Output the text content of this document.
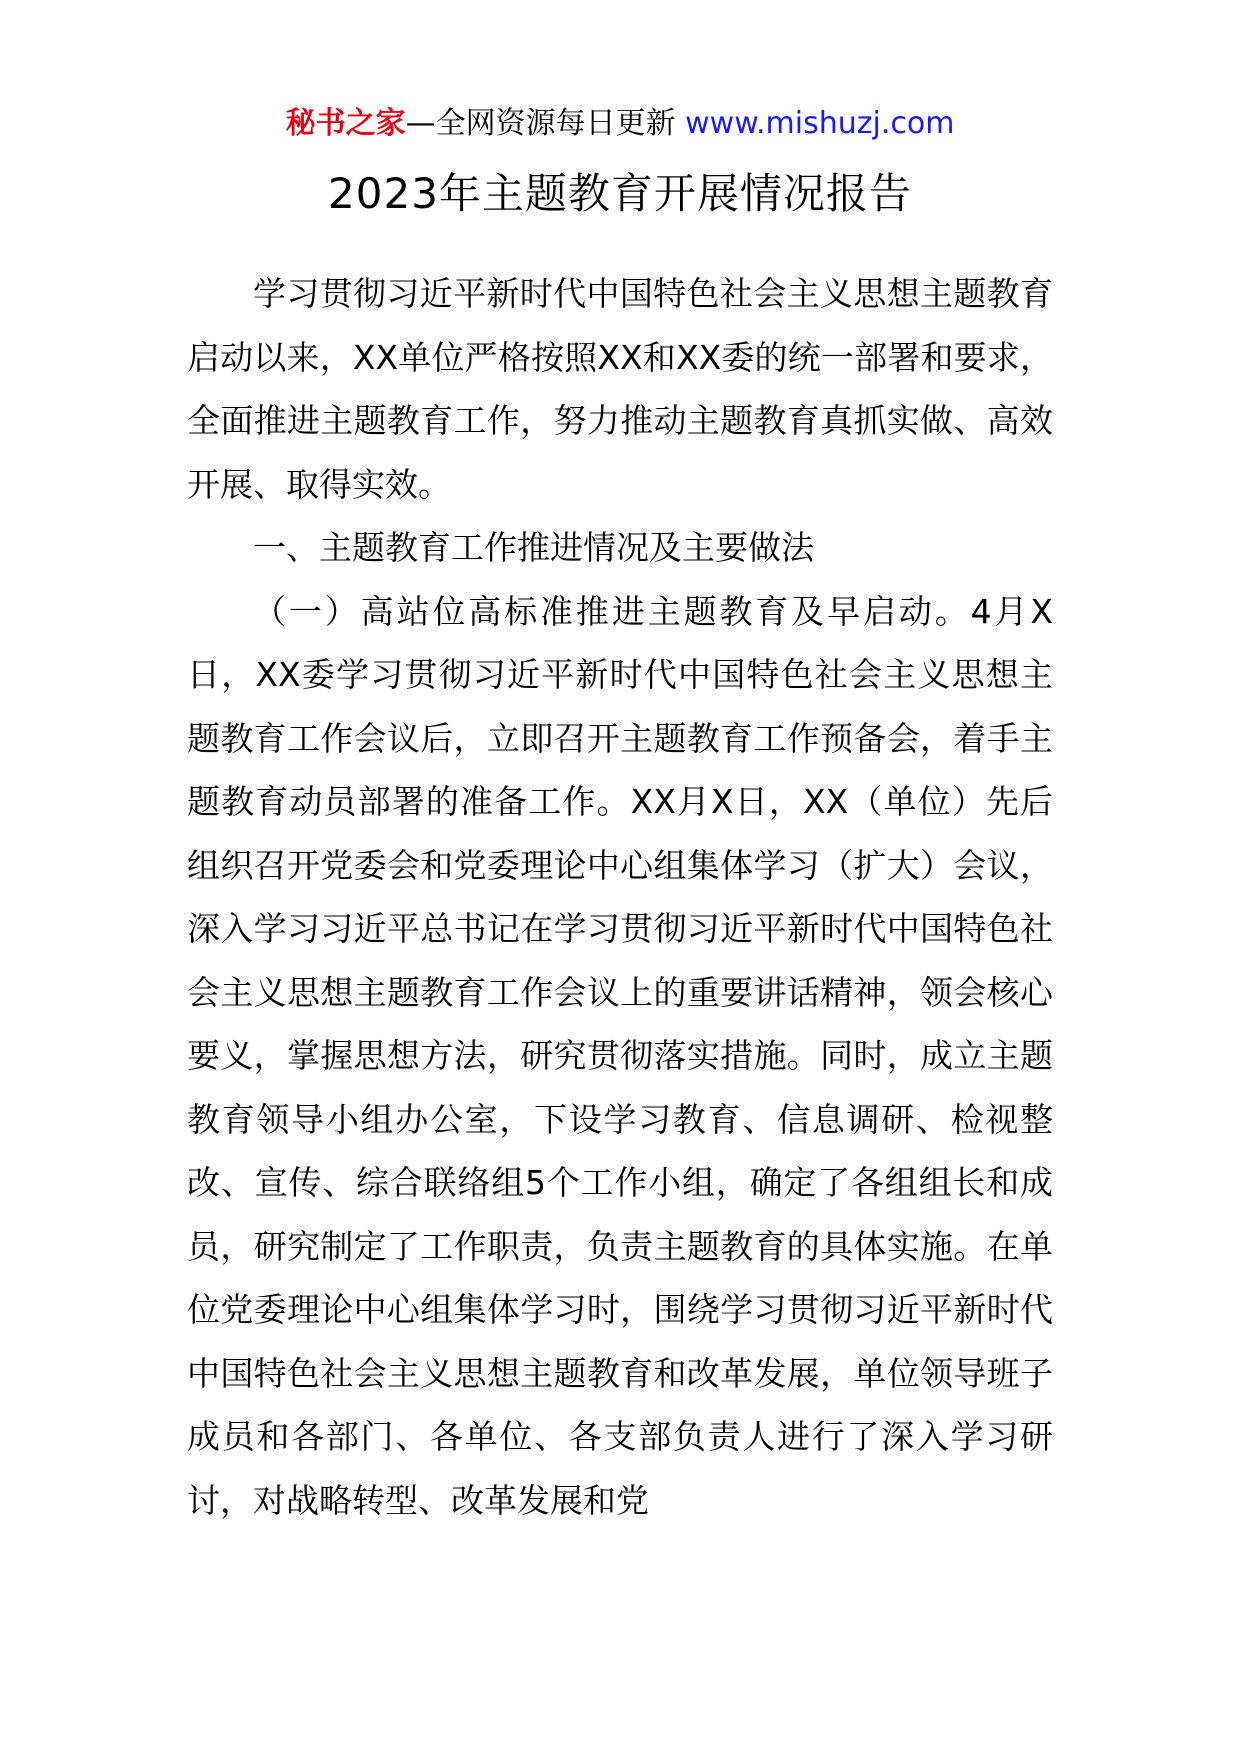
秘书之家—全网资源每日更新 www.mishuzj.com
2023年主题教育开展情况报告

学习贯彻习近平新时代中国特色社会主义思想主题教育启动以来，XX单位严格按照XX和XX委的统一部署和要求，全面推进主题教育工作，努力推动主题教育真抓实做、高效开展、取得实效。

一、主题教育工作推进情况及主要做法

（一）高站位高标准推进主题教育及早启动。4月X日，XX委学习贯彻习近平新时代中国特色社会主义思想主题教育工作会议后，立即召开主题教育工作预备会，着手主题教育动员部署的准备工作。XX月X日，XX（单位）先后组织召开党委会和党委理论中心组集体学习（扩大）会议，深入学习习近平总书记在学习贯彻习近平新时代中国特色社会主义思想主题教育工作会议上的重要讲话精神，领会核心要义，掌握思想方法，研究贯彻落实措施。同时，成立主题教育领导小组办公室，下设学习教育、信息调研、检视整改、宣传、综合联络组5个工作小组，确定了各组组长和成员，研究制定了工作职责，负责主题教育的具体实施。在单位党委理论中心组集体学习时，围绕学习贯彻习近平新时代中国特色社会主义思想主题教育和改革发展，单位领导班子成员和各部门、各单位、各支部负责人进行了深入学习研讨，对战略转型、改革发展和党
